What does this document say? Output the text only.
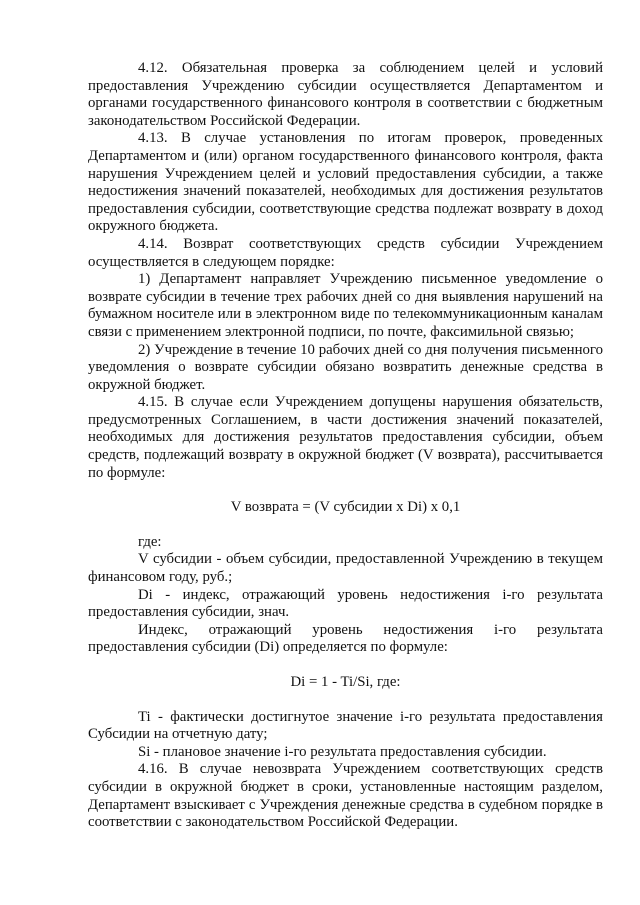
4.12. Обязательная проверка за соблюдением целей и условий предоставления Учреждению субсидии осуществляется Департаментом и органами государственного финансового контроля в соответствии с бюджетным законодательством Российской Федерации.

4.13. В случае установления по итогам проверок, проведенных Департаментом и (или) органом государственного финансового контроля, факта нарушения Учреждением целей и условий предоставления субсидии, а также недостижения значений показателей, необходимых для достижения результатов предоставления субсидии, соответствующие средства подлежат возврату в доход окружного бюджета.

4.14. Возврат соответствующих средств субсидии Учреждением осуществляется в следующем порядке:

1) Департамент направляет Учреждению письменное уведомление о возврате субсидии в течение трех рабочих дней со дня выявления нарушений на бумажном носителе или в электронном виде по телекоммуникационным каналам связи с применением электронной подписи, по почте, факсимильной связью;

2) Учреждение в течение 10 рабочих дней со дня получения письменного уведомления о возврате субсидии обязано возвратить денежные средства в окружной бюджет.

4.15. В случае если Учреждением допущены нарушения обязательств, предусмотренных Соглашением, в части достижения значений показателей, необходимых для достижения результатов предоставления субсидии, объем средств, подлежащий возврату в окружной бюджет (V возврата), рассчитывается по формуле:

V возврата = (V субсидии x Di) x 0,1

где:

V субсидии - объем субсидии, предоставленной Учреждению в текущем финансовом году, руб.;

Di - индекс, отражающий уровень недостижения i-го результата предоставления субсидии, знач.

Индекс, отражающий уровень недостижения i-го результата предоставления субсидии (Di) определяется по формуле:

Di = 1 - Ti/Si, где:

Ti - фактически достигнутое значение i-го результата предоставления Субсидии на отчетную дату;

Si - плановое значение i-го результата предоставления субсидии.

4.16. В случае невозврата Учреждением соответствующих средств субсидии в окружной бюджет в сроки, установленные настоящим разделом, Департамент взыскивает с Учреждения денежные средства в судебном порядке в соответствии с законодательством Российской Федерации.
